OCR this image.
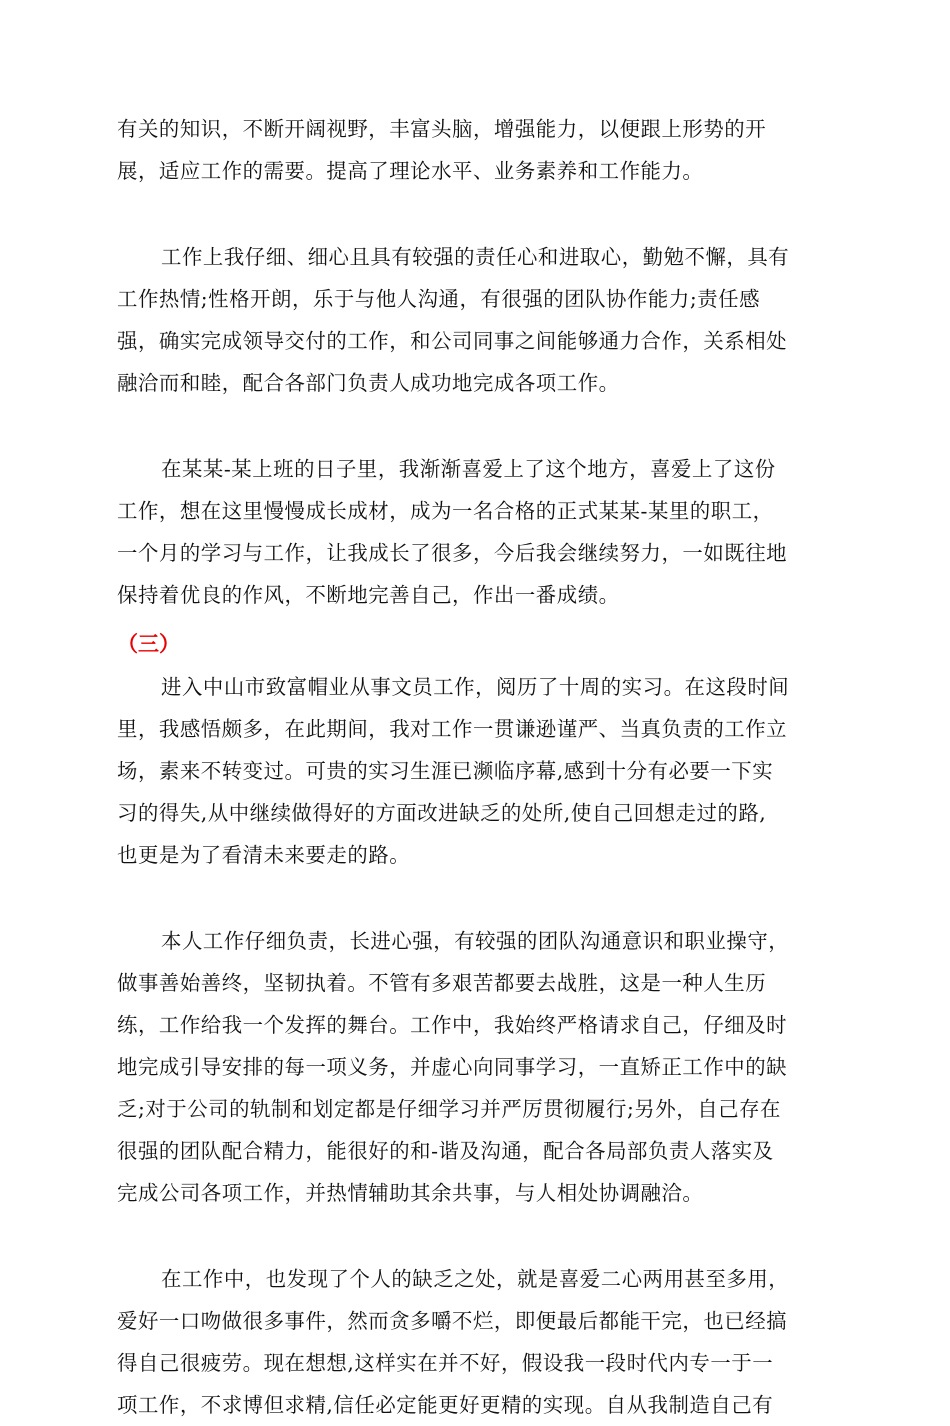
有关的知识，不断开阔视野，丰富头脑，增强能力，以便跟上形势的开
展，适应工作的需要。提高了理论水平、业务素养和工作能力。
工作上我仔细、细心且具有较强的责任心和进取心，勤勉不懈，具有
工作热情;性格开朗，乐于与他人沟通，有很强的团队协作能力;责任感
强，确实完成领导交付的工作，和公司同事之间能够通力合作，关系相处
融洽而和睦，配合各部门负责人成功地完成各项工作。
在某某-某上班的日子里，我渐渐喜爱上了这个地方，喜爱上了这份
工作，想在这里慢慢成长成材，成为一名合格的正式某某-某里的职工，
一个月的学习与工作，让我成长了很多，今后我会继续努力，一如既往地
保持着优良的作风，不断地完善自己，作出一番成绩。
（三）
进入中山市致富帽业从事文员工作，阅历了十周的实习。在这段时间
里，我感悟颇多，在此期间，我对工作一贯谦逊谨严、当真负责的工作立
场，素来不转变过。可贵的实习生涯已濒临序幕,感到十分有必要一下实
习的得失,从中继续做得好的方面改进缺乏的处所,使自己回想走过的路,
也更是为了看清未来要走的路。
本人工作仔细负责，长进心强，有较强的团队沟通意识和职业操守，
做事善始善终，坚韧执着。不管有多艰苦都要去战胜，这是一种人生历
练，工作给我一个发挥的舞台。工作中，我始终严格请求自己，仔细及时
地完成引导安排的每一项义务，并虚心向同事学习，一直矫正工作中的缺
乏;对于公司的轨制和划定都是仔细学习并严厉贯彻履行;另外，自己存在
很强的团队配合精力，能很好的和-谐及沟通，配合各局部负责人落实及
完成公司各项工作，并热情辅助其余共事，与人相处协调融洽。
在工作中，也发现了个人的缺乏之处，就是喜爱二心两用甚至多用，
爱好一口吻做很多事件，然而贪多嚼不烂，即便最后都能干完，也已经搞
得自己很疲劳。现在想想,这样实在并不好，假设我一段时代内专一于一
项工作，不求博但求精,信任必定能更好更精的实现。自从我制造自己有
